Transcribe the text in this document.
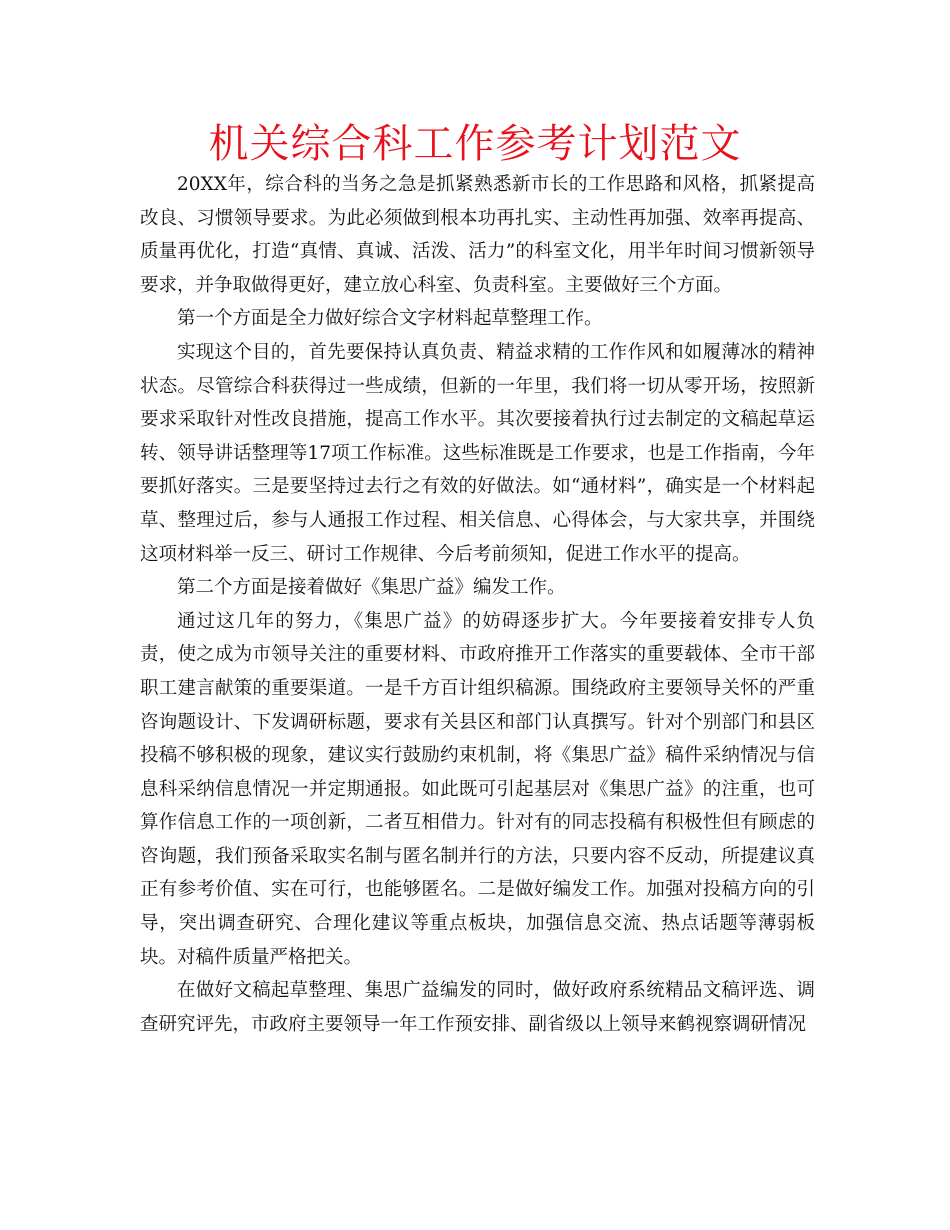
机关综合科工作参考计划范文

20XX年，综合科的当务之急是抓紧熟悉新市长的工作思路和风格，抓紧提高改良、习惯领导要求。为此必须做到根本功再扎实、主动性再加强、效率再提高、质量再优化，打造“真情、真诚、活泼、活力”的科室文化，用半年时间习惯新领导要求，并争取做得更好，建立放心科室、负责科室。主要做好三个方面。

第一个方面是全力做好综合文字材料起草整理工作。

实现这个目的，首先要保持认真负责、精益求精的工作作风和如履薄冰的精神状态。尽管综合科获得过一些成绩，但新的一年里，我们将一切从零开场，按照新要求采取针对性改良措施，提高工作水平。其次要接着执行过去制定的文稿起草运转、领导讲话整理等17项工作标准。这些标准既是工作要求，也是工作指南，今年要抓好落实。三是要坚持过去行之有效的好做法。如“通材料”，确实是一个材料起草、整理过后，参与人通报工作过程、相关信息、心得体会，与大家共享，并围绕这项材料举一反三、研讨工作规律、今后考前须知，促进工作水平的提高。

第二个方面是接着做好《集思广益》编发工作。

通过这几年的努力，《集思广益》的妨碍逐步扩大。今年要接着安排专人负责，使之成为市领导关注的重要材料、市政府推开工作落实的重要载体、全市干部职工建言献策的重要渠道。一是千方百计组织稿源。围绕政府主要领导关怀的严重咨询题设计、下发调研标题，要求有关县区和部门认真撰写。针对个别部门和县区投稿不够积极的现象，建议实行鼓励约束机制，将《集思广益》稿件采纳情况与信息科采纳信息情况一并定期通报。如此既可引起基层对《集思广益》的注重，也可算作信息工作的一项创新，二者互相借力。针对有的同志投稿有积极性但有顾虑的咨询题，我们预备采取实名制与匿名制并行的方法，只要内容不反动，所提建议真正有参考价值、实在可行，也能够匿名。二是做好编发工作。加强对投稿方向的引导，突出调查研究、合理化建议等重点板块，加强信息交流、热点话题等薄弱板块。对稿件质量严格把关。

在做好文稿起草整理、集思广益编发的同时，做好政府系统精品文稿评选、调查研究评先，市政府主要领导一年工作预安排、副省级以上领导来鹤视察调研情况
